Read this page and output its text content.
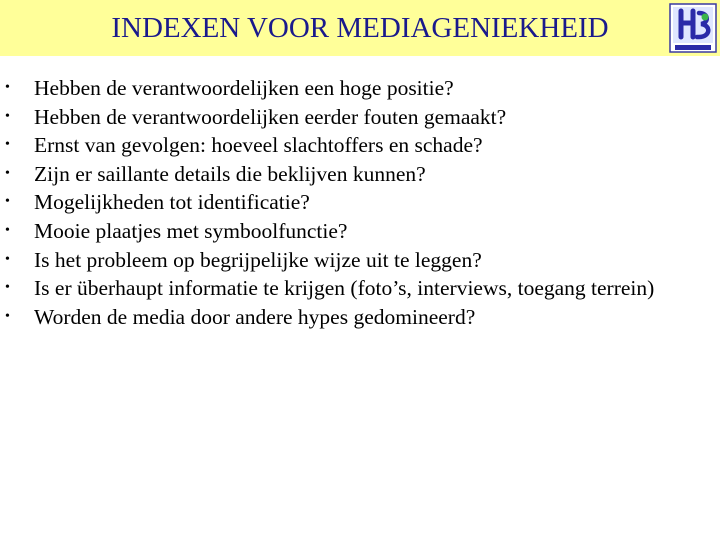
INDEXEN VOOR MEDIAGENIEKHEID
• Hebben de verantwoordelijken een hoge positie?
• Hebben de verantwoordelijken eerder fouten gemaakt?
• Ernst van gevolgen: hoeveel slachtoffers en schade?
• Zijn er saillante details die beklijven kunnen?
• Mogelijkheden tot identificatie?
• Mooie plaatjes met symboolfunctie?
• Is het probleem op begrijpelijke wijze uit te leggen?
• Is er überhaupt informatie te krijgen (foto’s, interviews, toegang terrein)
• Worden de media door andere hypes gedomineerd?
